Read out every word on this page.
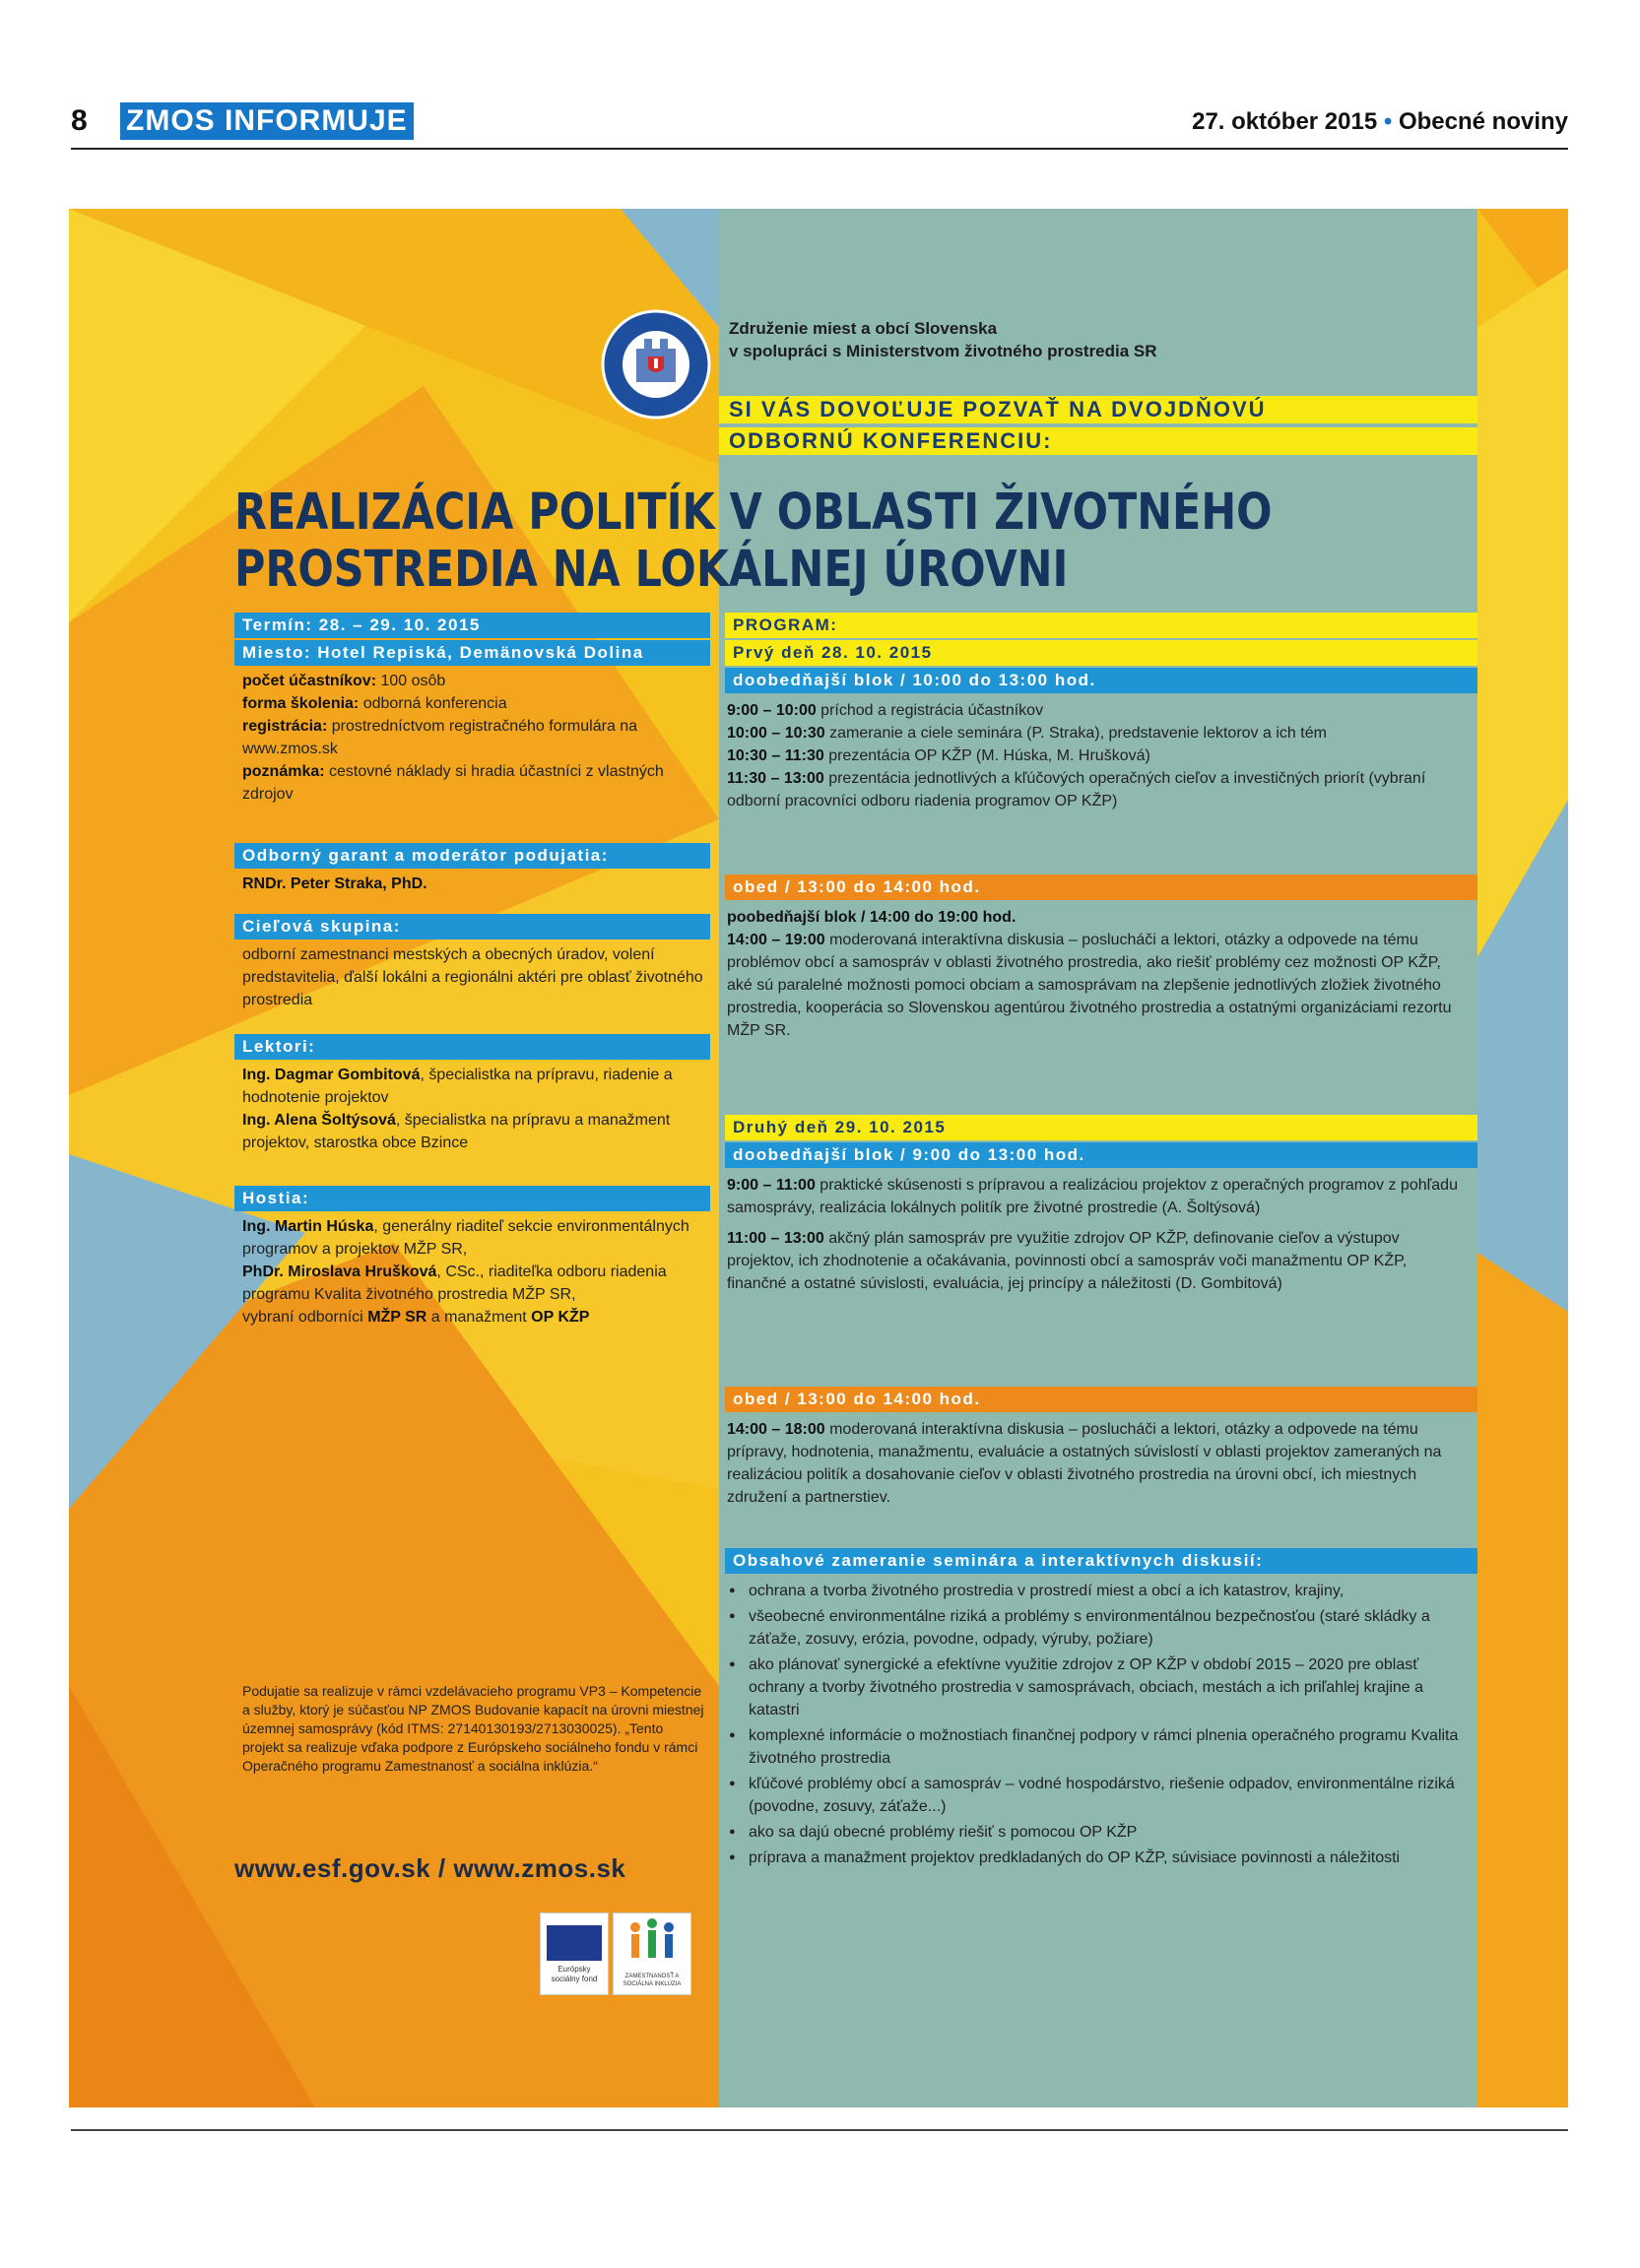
8 ZMOS INFORMUJE	27. október 2015 • Obecné noviny
Združenie miest a obcí Slovenska
v spolupráci s Ministerstvom životného prostredia SR
SI VÁS DOVOĽUJE POZVAŤ NA DVOJDŇOVÚ
ODBORNÚ KONFERENCIU:
REALIZÁCIA POLITÍK V OBLASTI ŽIVOTNÉHO
PROSTREDIA NA LOKÁLNEJ ÚROVNI
Termín: 28. – 29. 10. 2015
Miesto: Hotel Repiská, Demänovská Dolina
počet účastníkov: 100 osôb
forma školenia: odborná konferencia
registrácia: prostredníctvom registračného formulára na www.zmos.sk
poznámka: cestovné náklady si hradia účastníci z vlastných zdrojov
Odborný garant a moderátor podujatia:
RNDr. Peter Straka, PhD.
Cieľová skupina:
odborní zamestnanci mestských a obecných úradov, volení predstavitelia, ďalší lokálni a regionálni aktéri pre oblasť životného prostredia
Lektori:
Ing. Dagmar Gombitová, špecialistka na prípravu, riadenie a hodnotenie projektov
Ing. Alena Šoltýsová, špecialistka na prípravu a manažment projektov, starostka obce Bzince
Hostia:
Ing. Martin Húska, generálny riaditeľ sekcie environmentálnych programov a projektov MŽP SR,
PhDr. Miroslava Hrušková, CSc., riaditeľka odboru riadenia programu Kvalita životného prostredia MŽP SR,
vybraní odborníci MŽP SR a manažment OP KŽP
Podujatie sa realizuje v rámci vzdelávacieho programu VP3 – Kompetencie a služby, ktorý je súčasťou NP ZMOS Budovanie kapacít na úrovni miestnej územnej samosprávy (kód ITMS: 27140130193/2713030025). „Tento projekt sa realizuje vďaka podpore z Európskeho sociálneho fondu v rámci Operačného programu Zamestnanosť a sociálna inklúzia.“
www.esf.gov.sk / www.zmos.sk
Európsky sociálny fond	ZAMESTNANOSŤ A SOCIÁLNA INKLÚZIA
PROGRAM:
Prvý deň 28. 10. 2015
doobedňajší blok / 10:00 do 13:00 hod.
9:00 – 10:00 príchod a registrácia účastníkov
10:00 – 10:30 zameranie a ciele seminára (P. Straka), predstavenie lektorov a ich tém
10:30 – 11:30 prezentácia OP KŽP (M. Húska, M. Hrušková)
11:30 – 13:00 prezentácia jednotlivých a kľúčových operačných cieľov a investičných priorít (vybraní odborní pracovníci odboru riadenia programov OP KŽP)
obed / 13:00 do 14:00 hod.
poobedňajší blok / 14:00 do 19:00 hod.
14:00 – 19:00 moderovaná interaktívna diskusia – poslucháči a lektori, otázky a odpovede na tému problémov obcí a samospráv v oblasti životného prostredia, ako riešiť problémy cez možnosti OP KŽP, aké sú paralelné možnosti pomoci obciam a samosprávam na zlepšenie jednotlivých zložiek životného prostredia, kooperácia so Slovenskou agentúrou životného prostredia a ostatnými organizáciami rezortu MŽP SR.
Druhý deň 29. 10. 2015
doobedňajší blok / 9:00 do 13:00 hod.
9:00 – 11:00 praktické skúsenosti s prípravou a realizáciou projektov z operačných programov z pohľadu samosprávy, realizácia lokálnych politík pre životné prostredie (A. Šoltýsová)
11:00 – 13:00 akčný plán samospráv pre využitie zdrojov OP KŽP, definovanie cieľov a výstupov projektov, ich zhodnotenie a očakávania, povinnosti obcí a samospráv voči manažmentu OP KŽP, finančné a ostatné súvislosti, evaluácia, jej princípy a náležitosti (D. Gombitová)
obed / 13:00 do 14:00 hod.
14:00 – 18:00 moderovaná interaktívna diskusia – poslucháči a lektori, otázky a odpovede na tému prípravy, hodnotenia, manažmentu, evaluácie a ostatných súvislostí v oblasti projektov zameraných na realizáciou politík a dosahovanie cieľov v oblasti životného prostredia na úrovni obcí, ich miestnych združení a partnerstiev.
Obsahové zameranie seminára a interaktívnych diskusií:
● ochrana a tvorba životného prostredia v prostredí miest a obcí a ich katastrov, krajiny,
● všeobecné environmentálne riziká a problémy s environmentálnou bezpečnosťou (staré skládky a záťaže, zosuvy, erózia, povodne, odpady, výruby, požiare)
● ako plánovať synergické a efektívne využitie zdrojov z OP KŽP v období 2015 – 2020 pre oblasť ochrany a tvorby životného prostredia v samosprávach, obciach, mestách a ich priľahlej krajine a katastri
● komplexné informácie o možnostiach finančnej podpory v rámci plnenia operačného programu Kvalita životného prostredia
● kľúčové problémy obcí a samospráv – vodné hospodárstvo, riešenie odpadov, environmentálne riziká (povodne, zosuvy, záťaže...)
● ako sa dajú obecné problémy riešiť s pomocou OP KŽP
● príprava a manažment projektov predkladaných do OP KŽP, súvisiace povinnosti a náležitosti
